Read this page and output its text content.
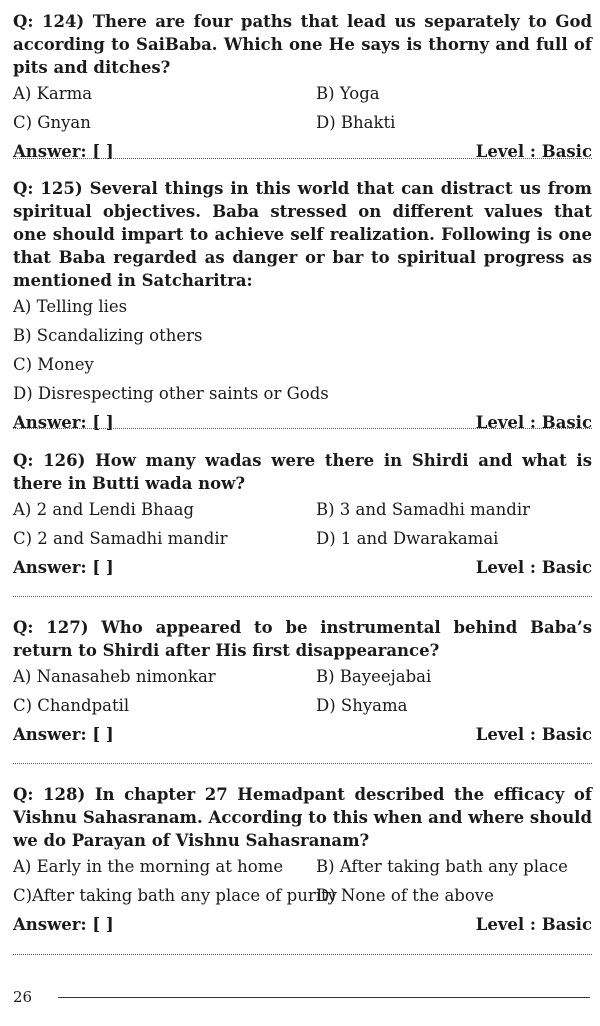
Q: 124) There are four paths that lead us separately to God according to SaiBaba. Which one He says is thorny and full of pits and ditches?
A) Karma	B) Yoga
C) Gnyan	D) Bhakti
Answer: [ ]	Level : Basic
Q: 125) Several things in this world that can distract us from spiritual objectives. Baba stressed on different values that one should impart to achieve self realization. Following is one that Baba regarded as danger or bar to spiritual progress as mentioned in Satcharitra:
A) Telling lies
B) Scandalizing others
C) Money
D) Disrespecting other saints or Gods
Answer: [ ]	Level : Basic
Q: 126) How many wadas were there in Shirdi and what is there in Butti wada now?
A) 2 and Lendi Bhaag	B) 3 and Samadhi mandir
C) 2 and Samadhi mandir	D) 1 and Dwarakamai
Answer: [ ]	Level : Basic
Q: 127) Who appeared to be instrumental behind Baba’s return to Shirdi after His first disappearance?
A) Nanasaheb nimonkar	B) Bayeejabai
C) Chandpatil	D) Shyama
Answer: [ ]	Level : Basic
Q: 128) In chapter 27 Hemadpant described the efficacy of Vishnu Sahasranam. According to this when and where should we do Parayan of Vishnu Sahasranam?
A) Early in the morning at home	B) After taking bath any place
C)After taking bath any place of purity
D) None of the above
Answer: [ ]	Level : Basic
26
